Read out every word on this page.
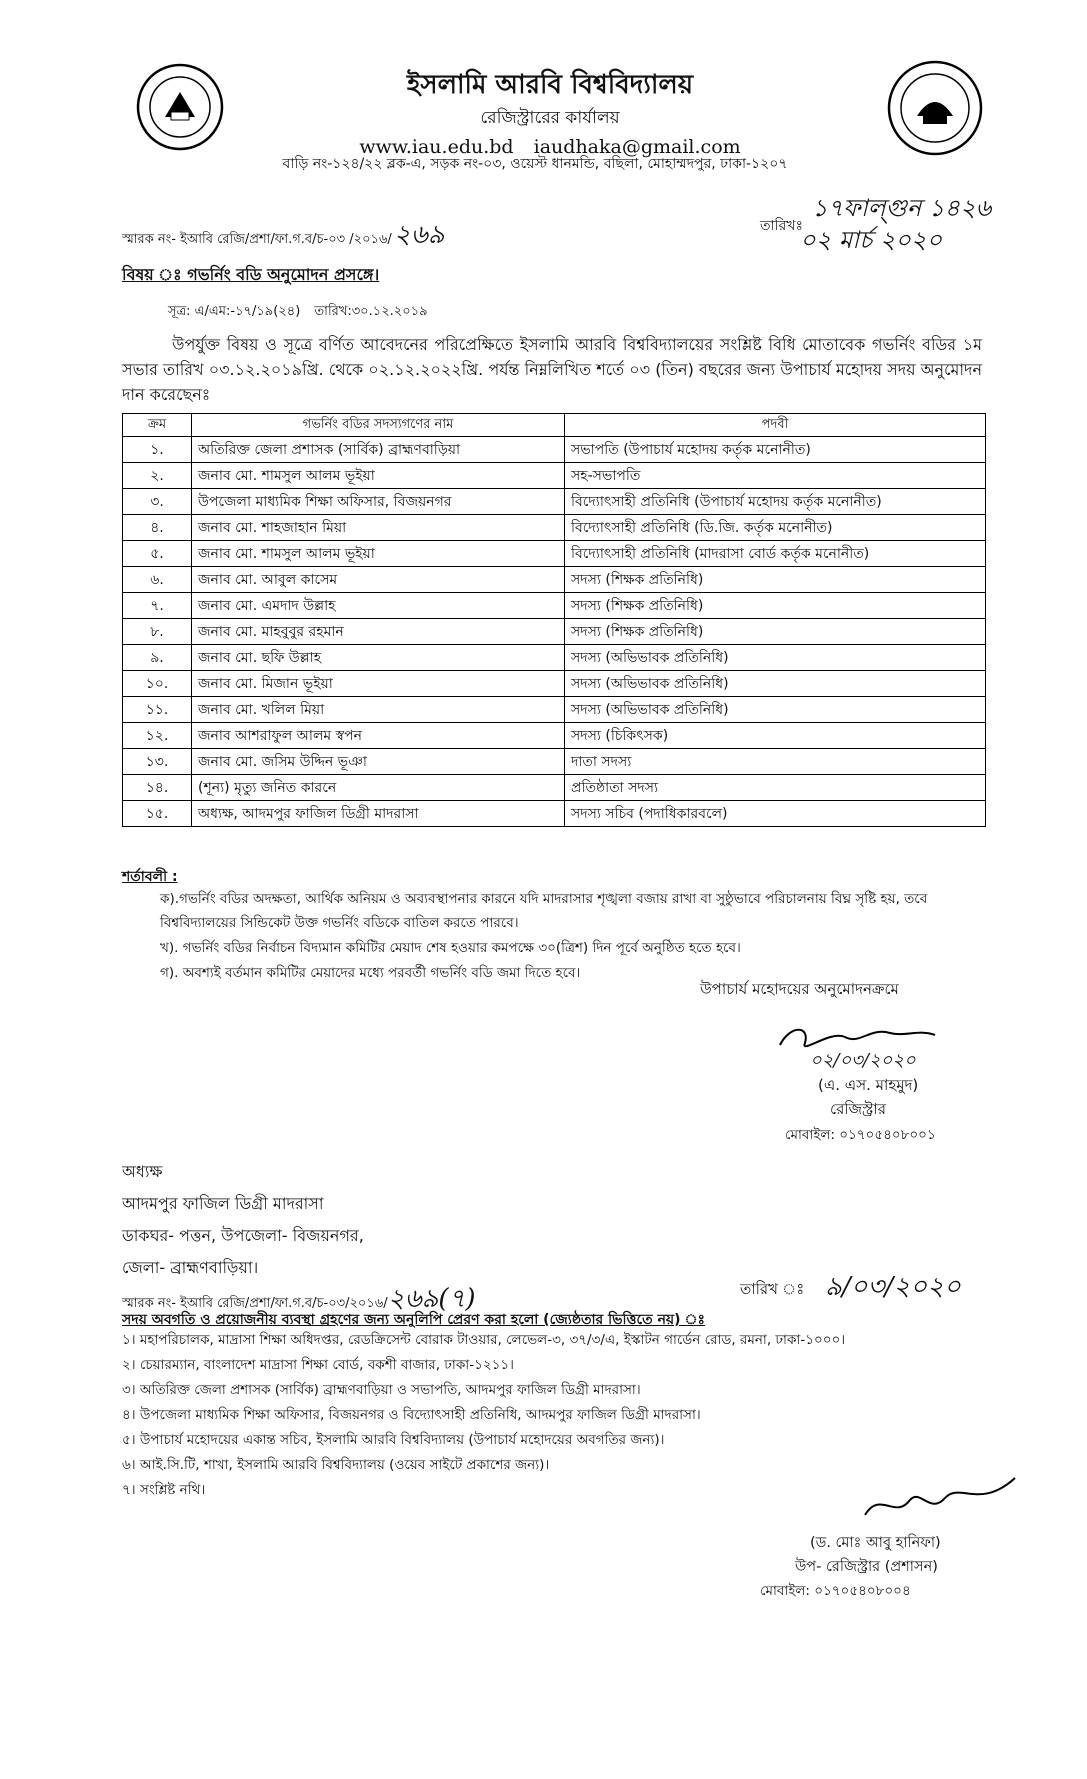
ইসলামি আরবি বিশ্ববিদ্যালয়

রেজিস্ট্রারের কার্যালয়

www.iau.edu.bd iaudhaka@gmail.com

বাড়ি নং-১২৪/২২ ব্লক-এ, সড়ক নং-০৩, ওয়েস্ট ধানমন্ডি, বছিলা, মোহাম্মদপুর, ঢাকা-১২০৭
স্মারক নং- ইআবি রেজি/প্রশা/ফা.গ.ব/চ-০৩ /২০১৬/২৬৯	তারিখঃ
১৭ফাল্গুন ১৪২৬
০২ মার্চ ২০২০
বিষয় ঃ গভর্নিং বডি অনুমোদন প্রসঙ্গে।
সূত্র: এ/এম:-১৭/১৯(২৪) তারিখ:৩০.১২.২০১৯

উপর্যুক্ত বিষয় ও সূত্রে বর্ণিত আবেদনের পরিপ্রেক্ষিতে ইসলামি আরবি বিশ্ববিদ্যালয়ের সংশ্লিষ্ট বিধি মোতাবেক গভর্নিং বডির ১ম সভার তারিখ ০৩.১২.২০১৯খ্রি. থেকে ০২.১২.২০২২খ্রি. পর্যন্ত নিম্নলিখিত শর্তে ০৩ (তিন) বছরের জন্য উপাচার্য মহোদয় সদয় অনুমোদন দান করেছেনঃ

ক্রম	গভর্নিং বডির সদস্যগণের নাম	পদবী
১.	অতিরিক্ত জেলা প্রশাসক (সার্বিক) ব্রাহ্মণবাড়িয়া	সভাপতি (উপাচার্য মহোদয় কর্তৃক মনোনীত)
২.	জনাব মো. শামসুল আলম ভূইয়া	সহ-সভাপতি
৩.	উপজেলা মাধ্যমিক শিক্ষা অফিসার, বিজয়নগর	বিদ্যোৎসাহী প্রতিনিধি (উপাচার্য মহোদয় কর্তৃক মনোনীত)
৪.	জনাব মো. শাহজাহান মিয়া	বিদ্যোৎসাহী প্রতিনিধি (ডি.জি. কর্তৃক মনোনীত)
৫.	জনাব মো. শামসুল আলম ভূইয়া	বিদ্যোৎসাহী প্রতিনিধি (মাদরাসা বোর্ড কর্তৃক মনোনীত)
৬.	জনাব মো. আবুল কাসেম	সদস্য (শিক্ষক প্রতিনিধি)
৭.	জনাব মো. এমদাদ উল্লাহ	সদস্য (শিক্ষক প্রতিনিধি)
৮.	জনাব মো. মাহবুবুর রহমান	সদস্য (শিক্ষক প্রতিনিধি)
৯.	জনাব মো. ছফি উল্লাহ	সদস্য (অভিভাবক প্রতিনিধি)
১০.	জনাব মো. মিজান ভূইয়া	সদস্য (অভিভাবক প্রতিনিধি)
১১.	জনাব মো. খলিল মিয়া	সদস্য (অভিভাবক প্রতিনিধি)
১২.	জনাব আশরাফুল আলম স্বপন	সদস্য (চিকিৎসক)
১৩.	জনাব মো. জসিম উদ্দিন ভূঞা	দাতা সদস্য
১৪.	(শূন্য) মৃত্যু জনিত কারনে	প্রতিষ্ঠাতা সদস্য
১৫.	অধ্যক্ষ, আদমপুর ফাজিল ডিগ্রী মাদরাসা	সদস্য সচিব (পদাধিকারবলে)
শর্তাবলী :

ক).গভর্নিং বডির অদক্ষতা, আর্থিক অনিয়ম ও অব্যবস্থাপনার কারনে যদি মাদরাসার শৃঙ্খলা বজায় রাখা বা সুষ্ঠুভাবে পরিচালনায় বিঘ্ন সৃষ্টি হয়, তবে বিশ্ববিদ্যালয়ের সিন্ডিকেট উক্ত গভর্নিং বডিকে বাতিল করতে পারবে।

খ). গভর্নিং বডির নির্বাচন বিদ্যমান কমিটির মেয়াদ শেষ হওয়ার কমপক্ষে ৩০(ত্রিশ) দিন পূর্বে অনুষ্ঠিত হতে হবে।

গ). অবশ্যই বর্তমান কমিটির মেয়াদের মধ্যে পরবর্তী গভর্নিং বডি জমা দিতে হবে।

উপাচার্য মহোদয়ের অনুমোদনক্রমে
০২/০৩/২০২০
(এ. এস. মাহমুদ)
রেজিস্ট্রার
মোবাইল: ০১৭০৫৪০৮০০১
অধ্যক্ষ
আদমপুর ফাজিল ডিগ্রী মাদরাসা
ডাকঘর- পত্তন, উপজেলা- বিজয়নগর,
জেলা- ব্রাহ্মণবাড়িয়া।
স্মারক নং- ইআবি রেজি/প্রশা/ফা.গ.ব/চ-০৩/২০১৬/২৬৯(৭)	তারিখ ঃ ৯/০৩/২০২০
সদয় অবগতি ও প্রয়োজনীয় ব্যবস্থা গ্রহণের জন্য অনুলিপি প্রেরণ করা হলো (জ্যেষ্ঠতার ভিত্তিতে নয়) ঃ
১। মহাপরিচালক, মাদ্রাসা শিক্ষা অধিদপ্তর, রেডক্রিসেন্ট বোরাক টাওয়ার, লেভেল-৩, ৩৭/৩/এ, ইস্কাটন গার্ডেন রোড, রমনা, ঢাকা-১০০০।
২। চেয়ারম্যান, বাংলাদেশ মাদ্রাসা শিক্ষা বোর্ড, বকশী বাজার, ঢাকা-১২১১।
৩। অতিরিক্ত জেলা প্রশাসক (সার্বিক) ব্রাহ্মণবাড়িয়া ও সভাপতি, আদমপুর ফাজিল ডিগ্রী মাদরাসা।
৪। উপজেলা মাধ্যমিক শিক্ষা অফিসার, বিজয়নগর ও বিদ্যোৎসাহী প্রতিনিধি, আদমপুর ফাজিল ডিগ্রী মাদরাসা।
৫। উপাচার্য মহোদয়ের একান্ত সচিব, ইসলামি আরবি বিশ্ববিদ্যালয় (উপাচার্য মহোদয়ের অবগতির জন্য)।
৬। আই.সি.টি, শাখা, ইসলামি আরবি বিশ্ববিদ্যালয় (ওয়েব সাইটে প্রকাশের জন্য)।
৭। সংশ্লিষ্ট নথি।
(ড. মোঃ আবু হানিফা)
উপ- রেজিস্ট্রার (প্রশাসন)
মোবাইল: ০১৭০৫৪০৮০০৪
